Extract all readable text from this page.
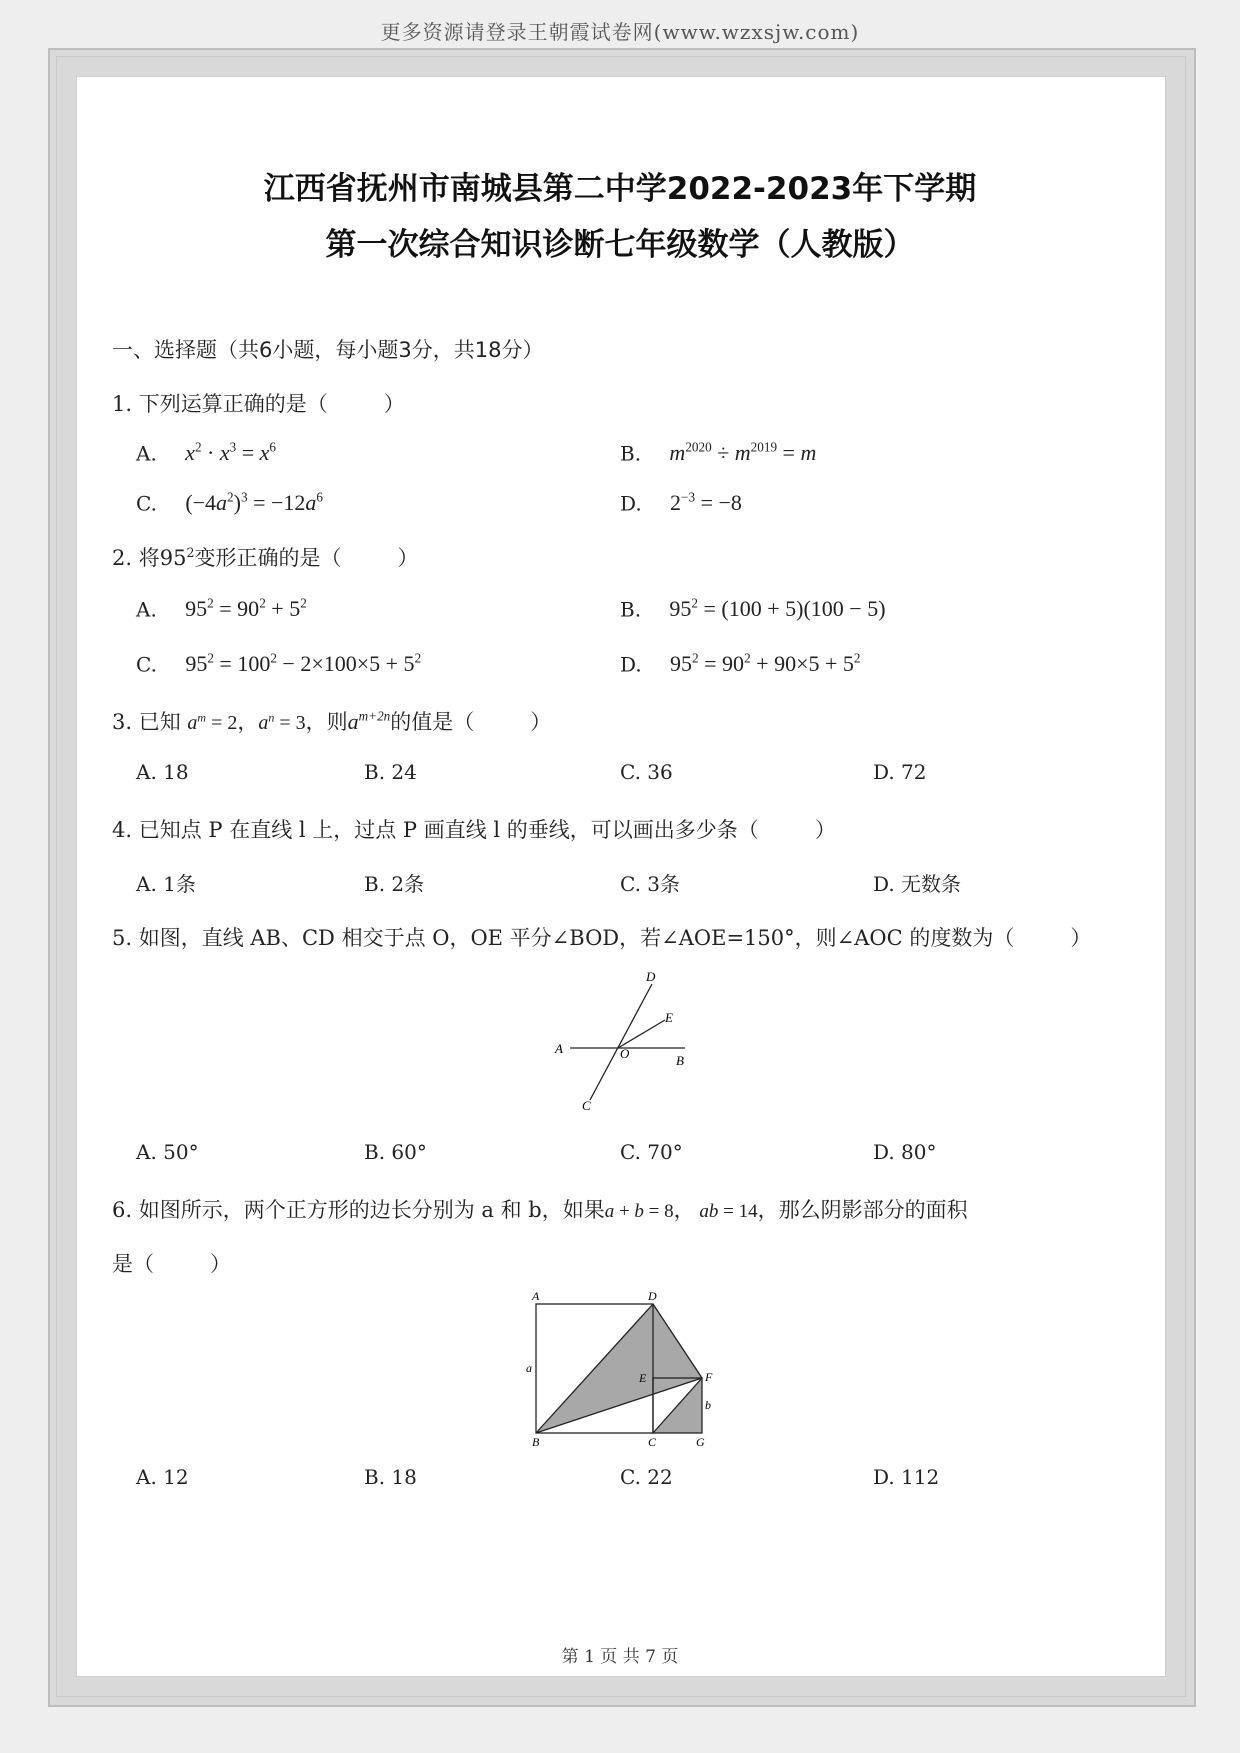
更多资源请登录王朝霞试卷网(www.wzxsjw.com)
江西省抚州市南城县第二中学2022-2023年下学期
第一次综合知识诊断七年级数学（人教版）
一、选择题（共6小题，每小题3分，共18分）
1. 下列运算正确的是（	）
A. $x^2 \cdot x^3 = x^6$	B. $m^{2020} \div m^{2019} = m$
C. $(-4a^2)^3 = -12a^6$	D. $2^{-3} = -8$
2. 将$95^2$变形正确的是（	）
A. $95^2 = 90^2 + 5^2$	B. $95^2 = (100 + 5)(100 - 5)$
C. $95^2 = 100^2 - 2\times 100\times 5 + 5^2$	D. $95^2 = 90^2 + 90\times 5 + 5^2$
3. 已知 $a^m = 2$，$a^n = 3$，则$a^{m+2n}$的值是（	）
A. 18	B. 24	C. 36	D. 72
4. 已知点 P 在直线 l 上，过点 P 画直线 l 的垂线，可以画出多少条（	）
A. 1条	B. 2条	C. 3条	D. 无数条
5. 如图，直线 AB、CD 相交于点 O，OE 平分∠BOD，若∠AOE=150°，则∠AOC 的度数为（	）
A
B
C
D
E
O
A. 50°	B. 60°	C. 70°	D. 80°
6. 如图所示，两个正方形的边长分别为 a 和 b，如果a + b = 8， ab = 14，那么阴影部分的面积
是（	）
A	D
a
E	F
b
B	C	G
A. 12	B. 18	C. 22	D. 112
第 1 页 共 7 页
